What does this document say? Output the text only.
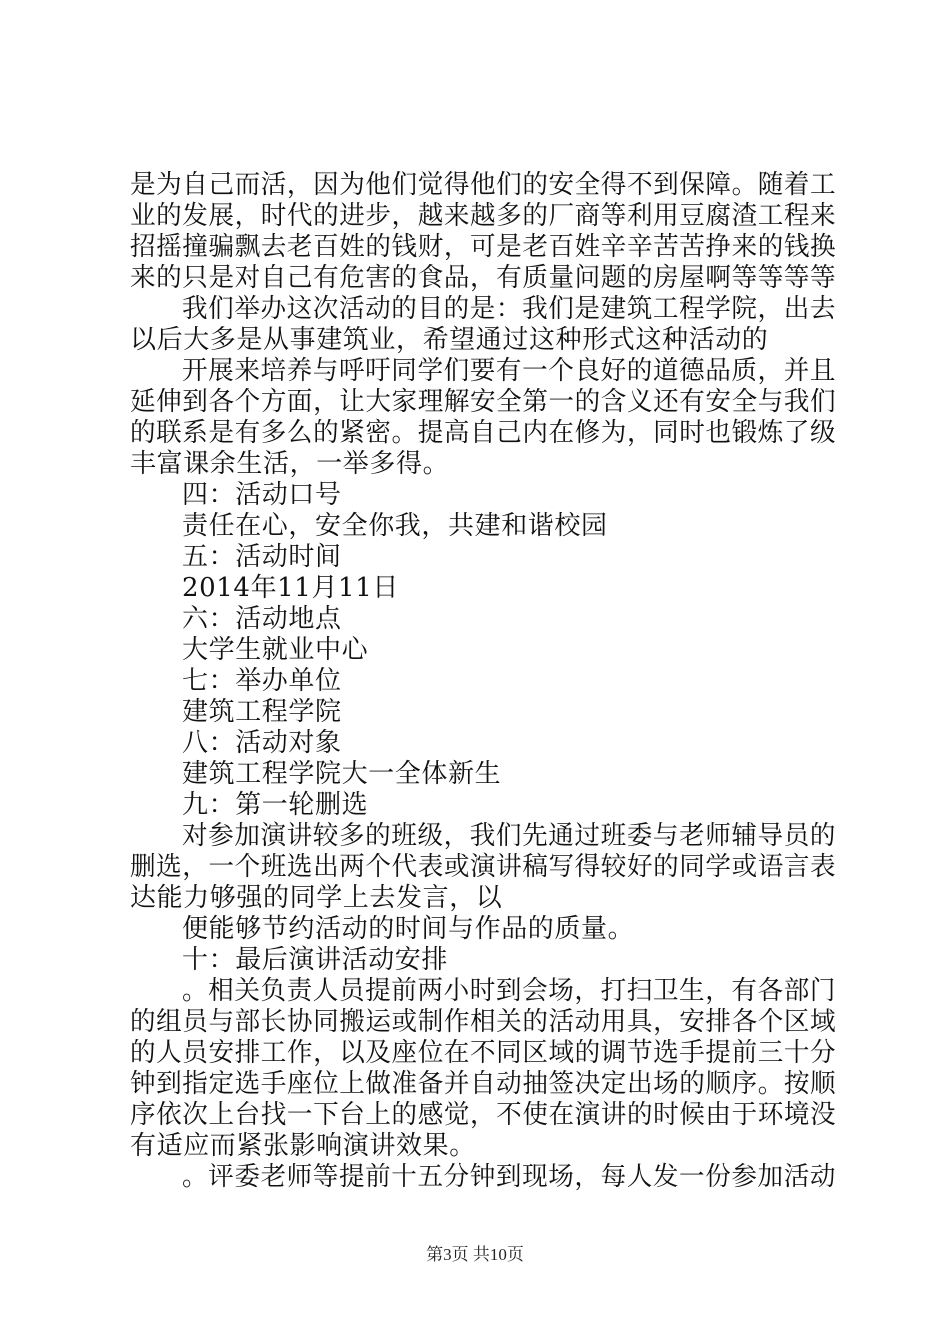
是为自己而活，因为他们觉得他们的安全得不到保障。随着工
业的发展，时代的进步，越来越多的厂商等利用豆腐渣工程来
招摇撞骗飘去老百姓的钱财，可是老百姓辛辛苦苦挣来的钱换
来的只是对自己有危害的食品，有质量问题的房屋啊等等等等
我们举办这次活动的目的是：我们是建筑工程学院，出去
以后大多是从事建筑业，希望通过这种形式这种活动的
开展来培养与呼吁同学们要有一个良好的道德品质，并且
延伸到各个方面，让大家理解安全第一的含义还有安全与我们
的联系是有多么的紧密。提高自己内在修为，同时也锻炼了级
丰富课余生活，一举多得。
四：活动口号
责任在心，安全你我，共建和谐校园
五：活动时间
2014年11月11日
六：活动地点
大学生就业中心
七：举办单位
建筑工程学院
八：活动对象
建筑工程学院大一全体新生
九：第一轮删选
对参加演讲较多的班级，我们先通过班委与老师辅导员的
删选，一个班选出两个代表或演讲稿写得较好的同学或语言表
达能力够强的同学上去发言，以
便能够节约活动的时间与作品的质量。
十：最后演讲活动安排
。相关负责人员提前两小时到会场，打扫卫生，有各部门
的组员与部长协同搬运或制作相关的活动用具，安排各个区域
的人员安排工作，以及座位在不同区域的调节选手提前三十分
钟到指定选手座位上做准备并自动抽签决定出场的顺序。按顺
序依次上台找一下台上的感觉，不使在演讲的时候由于环境没
有适应而紧张影响演讲效果。
。评委老师等提前十五分钟到现场，每人发一份参加活动
第3页 共10页
